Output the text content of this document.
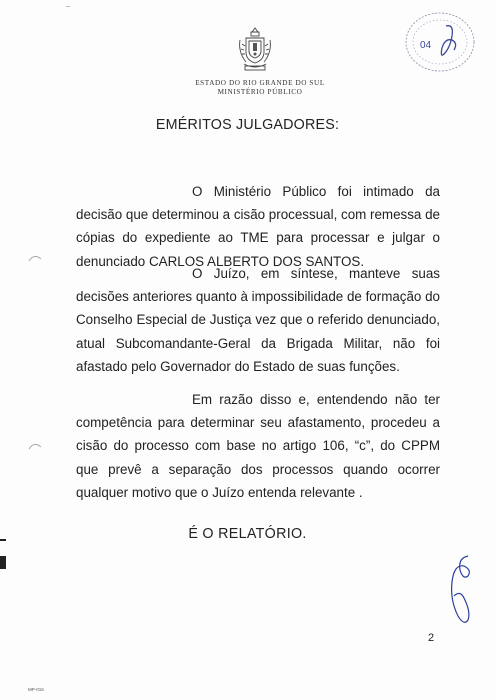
ESTADO DO RIO GRANDE DO SUL
MINISTÉRIO PÚBLICO
04
EMÉRITOS JULGADORES:

O Ministério Público foi intimado da decisão que determinou a cisão processual, com remessa de cópias do expediente ao TME para processar e julgar o denunciado CARLOS ALBERTO DOS SANTOS.

O Juízo, em síntese, manteve suas decisões anteriores quanto à impossibilidade de formação do Conselho Especial de Justiça vez que o referido denunciado, atual Subcomandante-Geral da Brigada Militar, não foi afastado pelo Governador do Estado de suas funções.

Em razão disso e, entendendo não ter competência para determinar seu afastamento, procedeu a cisão do processo com base no artigo 106, “c”, do CPPM que prevê a separação dos processos quando ocorrer qualquer motivo que o Juízo entenda relevante .

É O RELATÓRIO.
2
MP-016
